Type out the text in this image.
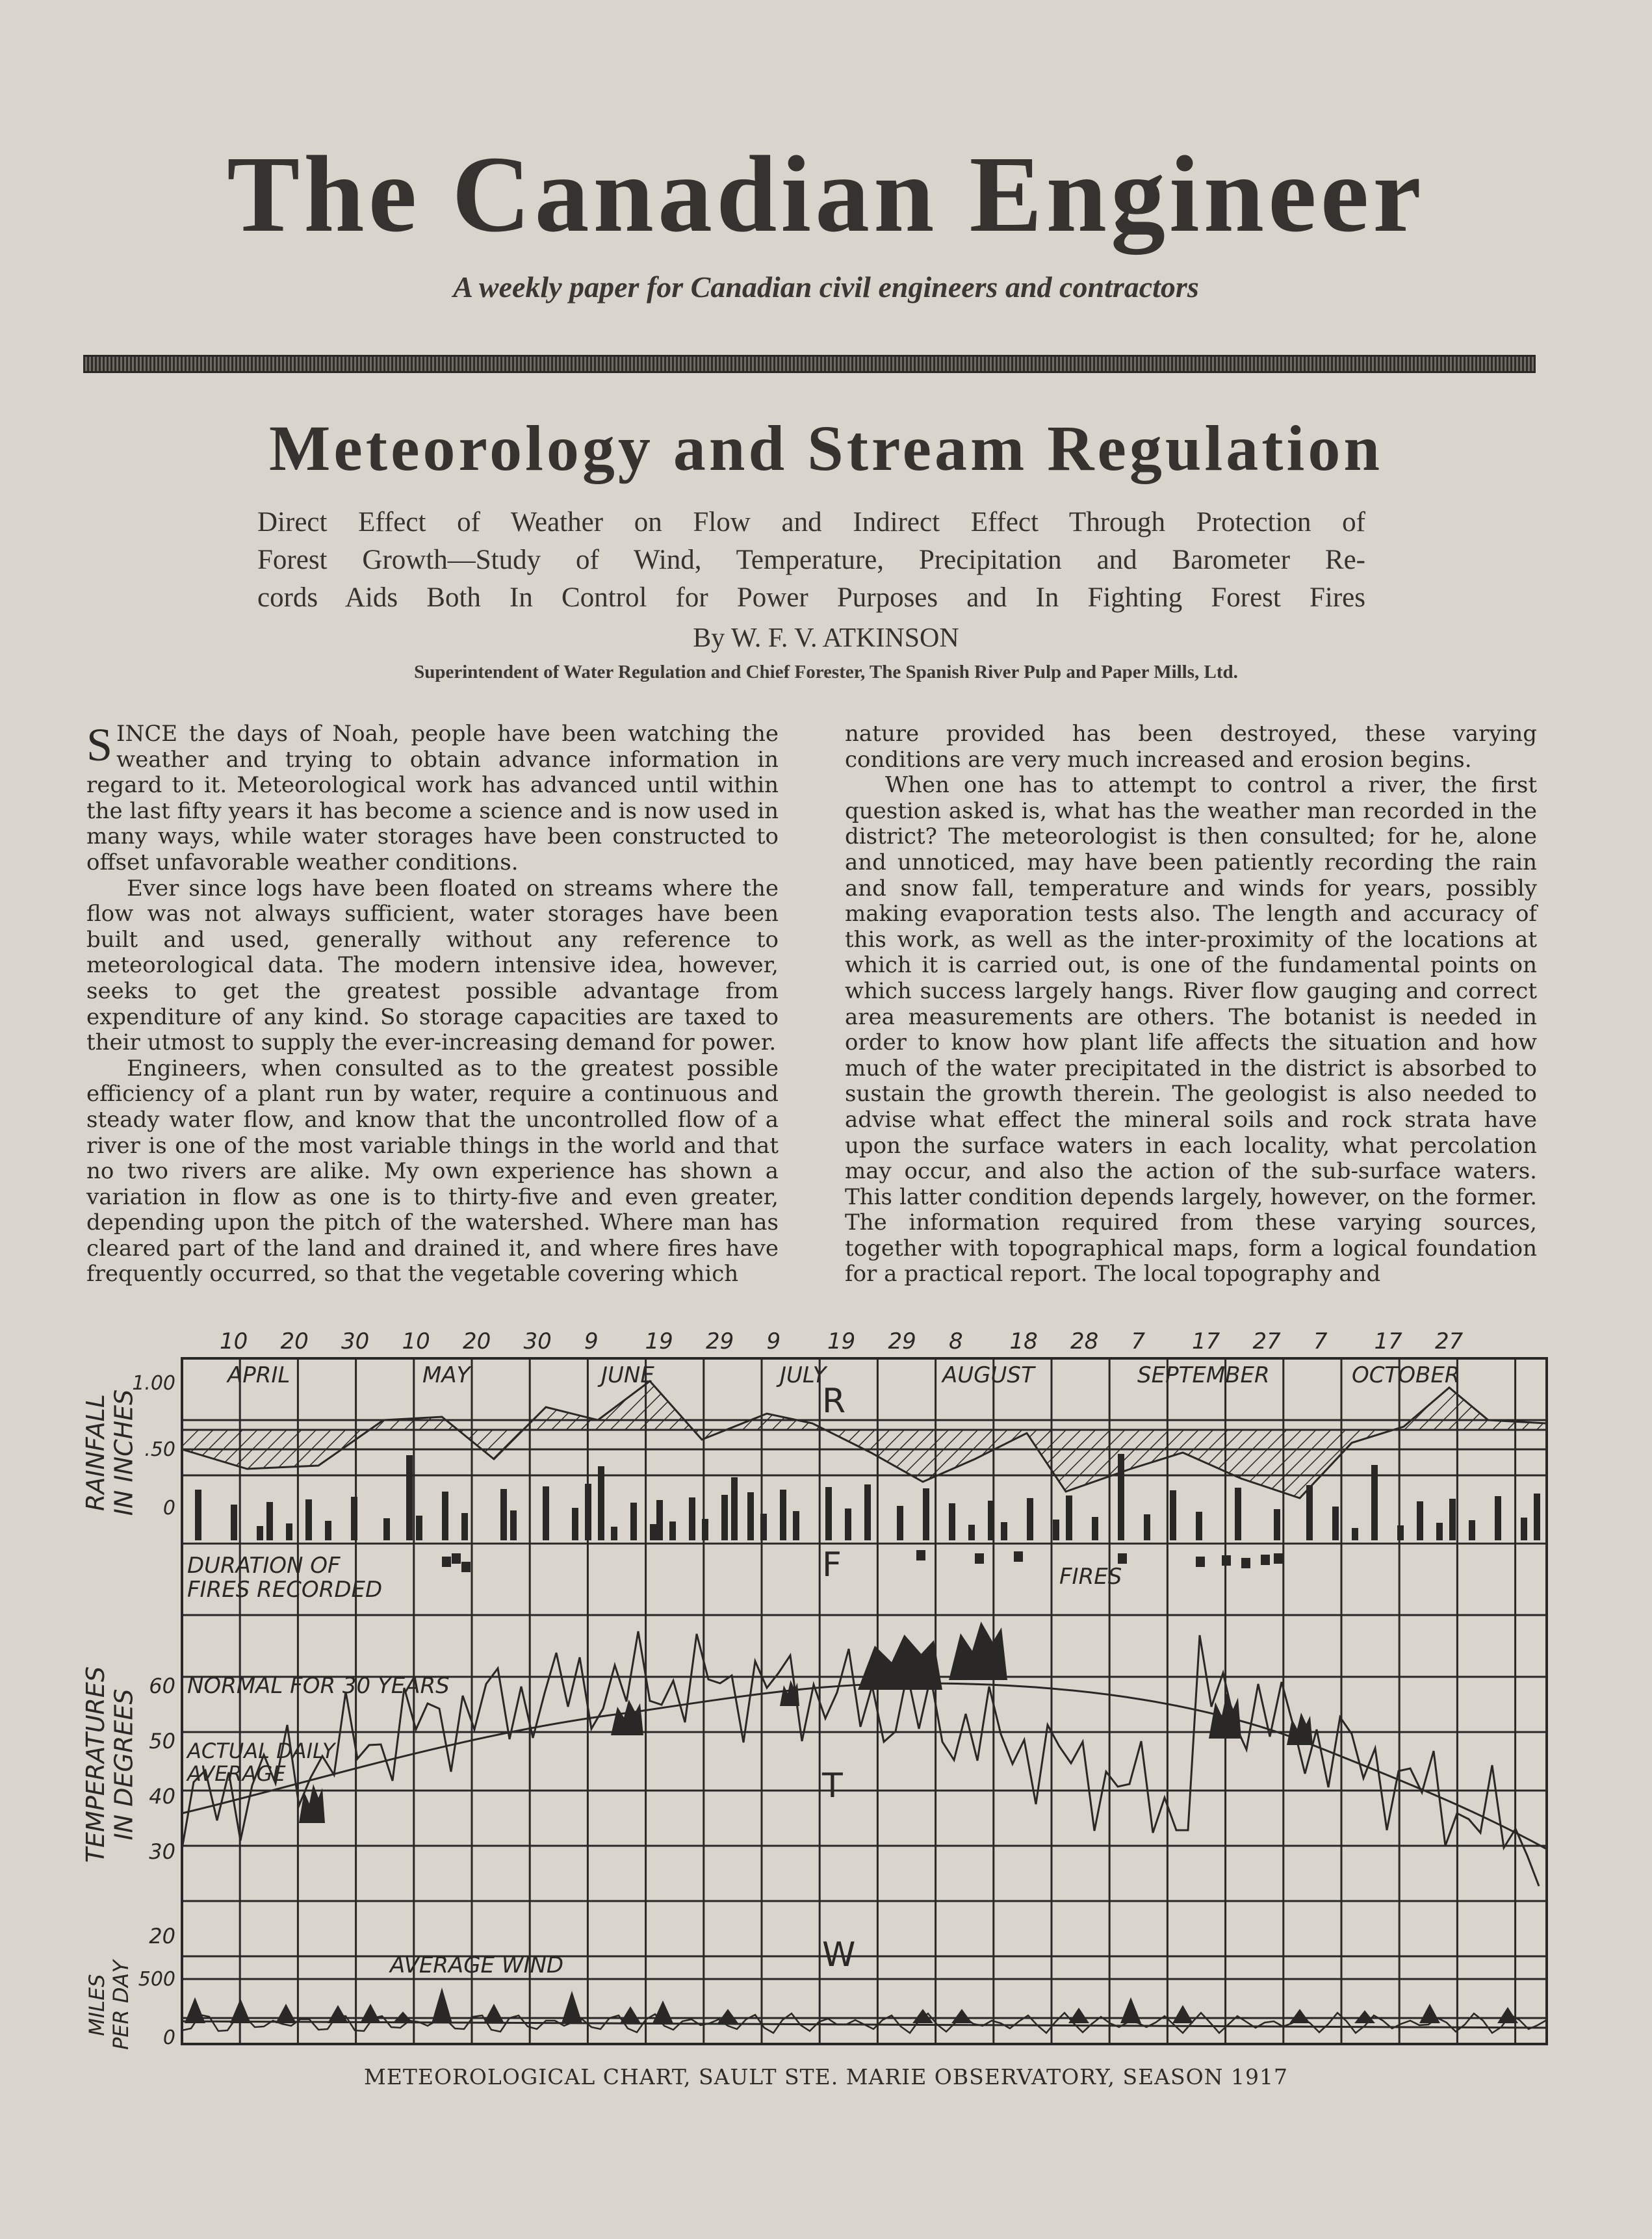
The Canadian Engineer
A weekly paper for Canadian civil engineers and contractors
Meteorology and Stream Regulation
Direct Effect of Weather on Flow and Indirect Effect Through Protection of
Forest Growth—Study of Wind, Temperature, Precipitation and Barometer Re-
cords Aids Both In Control for Power Purposes and In Fighting Forest Fires
By W. F. V. ATKINSON
Superintendent of Water Regulation and Chief Forester, The Spanish River Pulp and Paper Mills, Ltd.

SINCE the days of Noah, people have been watching the weather and trying to obtain advance information in regard to it. Meteorological work has advanced until within the last fifty years it has become a science and is now used in many ways, while water storages have been constructed to offset unfavorable weather conditions.

Ever since logs have been floated on streams where the flow was not always sufficient, water storages have been built and used, generally without any reference to meteorological data. The modern intensive idea, however, seeks to get the greatest possible advantage from expenditure of any kind. So storage capacities are taxed to their utmost to supply the ever-increasing demand for power.

Engineers, when consulted as to the greatest possible efficiency of a plant run by water, require a continuous and steady water flow, and know that the uncontrolled flow of a river is one of the most variable things in the world and that no two rivers are alike. My own experience has shown a variation in flow as one is to thirty-five and even greater, depending upon the pitch of the watershed. Where man has cleared part of the land and drained it, and where fires have frequently occurred, so that the vegetable covering which

nature provided has been destroyed, these varying conditions are very much increased and erosion begins.

When one has to attempt to control a river, the first question asked is, what has the weather man recorded in the district? The meteorologist is then consulted; for he, alone and unnoticed, may have been patiently recording the rain and snow fall, temperature and winds for years, possibly making evaporation tests also. The length and accuracy of this work, as well as the inter-proximity of the locations at which it is carried out, is one of the fundamental points on which success largely hangs. River flow gauging and correct area measurements are others. The botanist is needed in order to know how plant life affects the situation and how much of the water precipitated in the district is absorbed to sustain the growth therein. The geologist is also needed to advise what effect the mineral soils and rock strata have upon the surface waters in each locality, what percolation may occur, and also the action of the sub-surface waters. This latter condition depends largely, however, on the former. The information required from these varying sources, together with topographical maps, form a logical foundation for a practical report. The local topography and

RAINFALL IN INCHES
TEMPERATURES IN DEGREES
MILES
PER DAY
10 20 30 10 20 30 9 19 29 9 19 29 8 18 28 7 17 27 7 17 27
APRIL	MAY	JUNE	JULY	AUGUST	SEPTEMBER	OCTOBER
R
F
T
W
1.00
.50
0
60
50
40
30
20
500
0
DURATION OF
FIRES RECORDED	FIRES
NORMAL FOR 30 YEARS
ACTUAL DAILY
AVERAGE
AVERAGE WIND
METEOROLOGICAL CHART, SAULT STE. MARIE OBSERVATORY, SEASON 1917
